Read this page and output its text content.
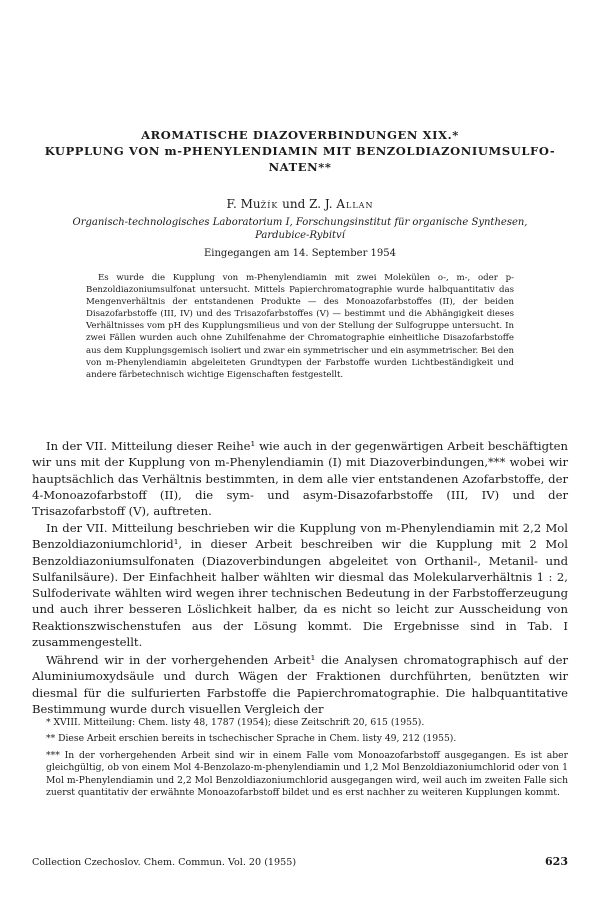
AROMATISCHE DIAZOVERBINDUNGEN XIX.*
KUPPLUNG VON m-PHENYLENDIAMIN MIT BENZOLDIAZONIUMSULFO-
NATEN**
F. Mužík und Z. J. Allan
Organisch-technologisches Laboratorium I, Forschungsinstitut für organische Synthesen,
Pardubice-Rybitví
Eingegangen am 14. September 1954
Es wurde die Kupplung von m-Phenylendiamin mit zwei Molekülen o-, m-, oder p-Benzoldiazoniumsulfonat untersucht. Mittels Papierchromatographie wurde halbquantitativ das Mengenverhältnis der entstandenen Produkte — des Monoazofarbstoffes (II), der beiden Disazofarbstoffe (III, IV) und des Trisazofarbstoffes (V) — bestimmt und die Abhängigkeit dieses Verhältnisses vom pH des Kupplungsmilieus und von der Stellung der Sulfogruppe untersucht. In zwei Fällen wurden auch ohne Zuhilfenahme der Chromatographie einheitliche Disazofarbstoffe aus dem Kupplungsgemisch isoliert und zwar ein symmetrischer und ein asymmetrischer. Bei den von m-Phenylendiamin abgeleiteten Grundtypen der Farbstoffe wurden Lichtbeständigkeit und andere färbetechnisch wichtige Eigenschaften festgestellt.

In der VII. Mitteilung dieser Reihe¹ wie auch in der gegenwärtigen Arbeit beschäftigten wir uns mit der Kupplung von m-Phenylendiamin (I) mit Diazoverbindungen,*** wobei wir hauptsächlich das Verhältnis bestimmten, in dem alle vier entstandenen Azofarbstoffe, der 4-Monoazofarbstoff (II), die sym- und asym-Disazofarbstoffe (III, IV) und der Trisazofarbstoff (V), auftreten.

In der VII. Mitteilung beschrieben wir die Kupplung von m-Phenylendiamin mit 2,2 Mol Benzoldiazoniumchlorid¹, in dieser Arbeit beschreiben wir die Kupplung mit 2 Mol Benzoldiazoniumsulfonaten (Diazoverbindungen abgeleitet von Orthanil-, Metanil- und Sulfanilsäure). Der Einfachheit halber wählten wir diesmal das Molekularverhältnis 1 : 2, Sulfoderivate wählten wird wegen ihrer technischen Bedeutung in der Farbstofferzeugung und auch ihrer besseren Löslichkeit halber, da es nicht so leicht zur Ausscheidung von Reaktionszwischenstufen aus der Lösung kommt. Die Ergebnisse sind in Tab. I zusammengestellt.

Während wir in der vorhergehenden Arbeit¹ die Analysen chromatographisch auf der Aluminiumoxydsäule und durch Wägen der Fraktionen durchführten, benützten wir diesmal für die sulfurierten Farbstoffe die Papierchromatographie. Die halbquantitative Bestimmung wurde durch visuellen Vergleich der

* XVIII. Mitteilung: Chem. listy 48, 1787 (1954); diese Zeitschrift 20, 615 (1955).

** Diese Arbeit erschien bereits in tschechischer Sprache in Chem. listy 49, 212 (1955).

*** In der vorhergehenden Arbeit sind wir in einem Falle vom Monoazofarbstoff ausgegangen. Es ist aber gleichgültig, ob von einem Mol 4-Benzolazo-m-phenylendiamin und 1,2 Mol Benzoldiazoniumchlorid oder von 1 Mol m-Phenylendiamin und 2,2 Mol Benzoldiazoniumchlorid ausgegangen wird, weil auch im zweiten Falle sich zuerst quantitativ der erwähnte Monoazofarbstoff bildet und es erst nachher zu weiteren Kupplungen kommt.

Collection Czechoslov. Chem. Commun. Vol. 20 (1955)	623
